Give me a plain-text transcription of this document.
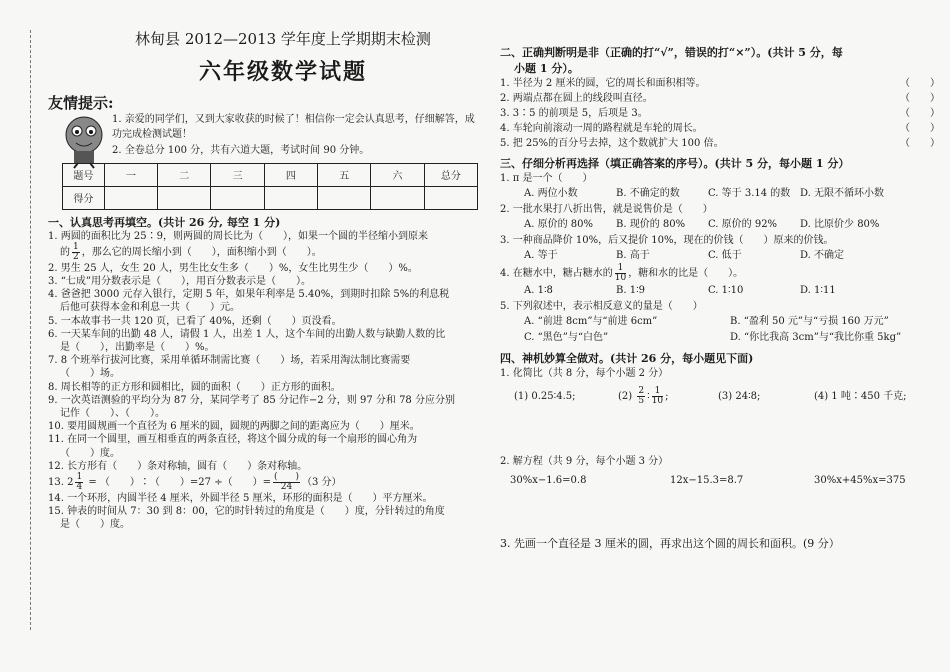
林甸县 2012—2013 学年度上学期期末检测
六年级数学试题
友情提示:
1. 亲爱的同学们，又到大家收获的时候了！相信你一定会认真思考，仔细解答，成功完成检测试题！
2. 全卷总分 100 分，共有六道大题，考试时间 90 分钟。
题号	一	二	三	四	五	六	总分
得分							
一、认真思考再填空。(共计 26 分, 每空 1 分)
1. 两圆的面积比为 25∶9，则两圆的周长比为（　　），如果一个圆的半径缩小到原来
的 $\frac{1}{2}$ ，那么它的周长缩小到（　　），面积缩小到（　　）。
2. 男生 25 人，女生 20 人，男生比女生多（　　）%，女生比男生少（　　）%。
3. “七成”用分数表示是（　　），用百分数表示是（　　）。
4. 爸爸把 3000 元存入银行，定期 5 年，如果年利率是 5.40%，到期时扣除 5%的利息税
后他可获得本金和利息一共（　　）元。
5. 一本故事书一共 120 页，已看了 40%，还剩（　　）页没看。
6. 一天某车间的出勤 48 人，请假 1 人，出差 1 人，这个车间的出勤人数与缺勤人数的比
是（　　），出勤率是（　　）%。
7. 8 个班举行拔河比赛，采用单循环制需比赛（　　）场，若采用淘汰制比赛需要
（　　）场。
8. 周长相等的正方形和圆相比，圆的面积（　　）正方形的面积。
9. 一次英语测验的平均分为 87 分，某同学考了 85 分记作−2 分，则 97 分和 78 分应分别
记作（　　）、（　　）。
10. 要用圆规画一个直径为 6 厘米的圆，圆规的两脚之间的距离应为（　　）厘米。
11. 在同一个圆里，画互相垂直的两条直径，将这个圆分成的每一个扇形的圆心角为
（　　）度。
12. 长方形有（　　）条对称轴，圆有（　　）条对称轴。
13. $2 \frac{1}{4}$ = （　　）∶（　　）=27 ÷（　　）= $\frac{( )}{24} (3$ 分）
14. 一个环形，内圆半径 4 厘米，外圆半径 5 厘米，环形的面积是（　　）平方厘米。
15. 钟表的时间从 7：30 到 8：00，它的时针转过的角度是（　　）度，分针转过的角度
是（　　）度。
二、正确判断明是非（正确的打“√”，错误的打“×”）。(共计 5 分，每
小题 1 分）。
1. 半径为 2 厘米的圆，它的周长和面积相等。	（　　）
2. 两端点都在圆上的线段叫直径。	（　　）
3. 3∶5 的前项是 5，后项是 3。	（　　）
4. 车轮向前滚动一周的路程就是车轮的周长。	（　　）
5. 把 25%的百分号去掉，这个数就扩大 100 倍。	（　　）
三、仔细分析再选择（填正确答案的序号）。(共计 5 分，每小题 1 分）
1. π 是一个（　　）
A. 两位小数	B. 不确定的数	C. 等于 3.14 的数 D. 无限不循环小数
2. 一批水果打八折出售，就是说售价是（　　）
A. 原价的 80% B. 现价的 80% C. 原价的 92% D. 比原价少 80%
3. 一种商品降价 10%，后又提价 10%，现在的价钱（　　）原来的价钱。
A. 等于	B. 高于	C. 低于	D. 不确定
4. 在糖水中，糖占糖水的 $\frac{1}{10}$ ，糖和水的比是（　　）。
A. 1∶8	B. 1∶9	C. 1∶10	D. 1∶11
5. 下列叙述中，表示相反意义的量是（　　）
A. “前进 8cm”与“前进 6cm”	B. “盈利 50 元”与“亏损 160 万元”
C. “黑色”与“白色”	D. “你比我高 3cm”与“我比你重 5kg”
四、神机妙算全做对。(共计 26 分，每小题见下面)
1. 化简比（共 8 分，每个小题 2 分）
(1) 0.25∶4.5;	$(2) \frac{2}{5}$ ∶ $\frac{1}{10}$ ;	(3) 24∶8;	(4) 1 吨∶450 千克;
2. 解方程（共 9 分，每个小题 3 分）
30%x−1.6=0.8	12x−15.3=8.7	30%x+45%x=375
3. 先画一个直径是 3 厘米的圆，再求出这个圆的周长和面积。(9 分）
